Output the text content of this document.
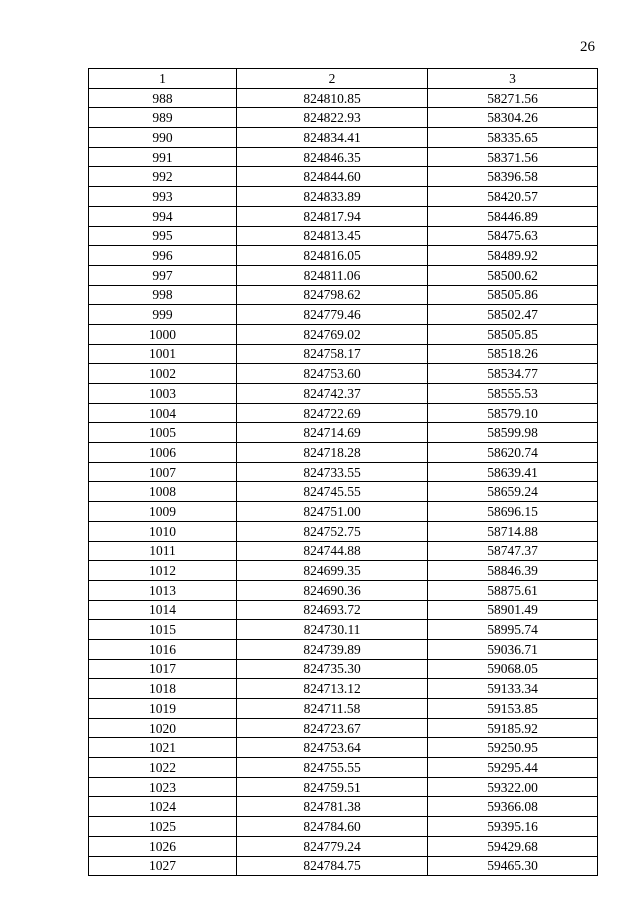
26
1	2	3
988	824810.85	58271.56
989	824822.93	58304.26
990	824834.41	58335.65
991	824846.35	58371.56
992	824844.60	58396.58
993	824833.89	58420.57
994	824817.94	58446.89
995	824813.45	58475.63
996	824816.05	58489.92
997	824811.06	58500.62
998	824798.62	58505.86
999	824779.46	58502.47
1000	824769.02	58505.85
1001	824758.17	58518.26
1002	824753.60	58534.77
1003	824742.37	58555.53
1004	824722.69	58579.10
1005	824714.69	58599.98
1006	824718.28	58620.74
1007	824733.55	58639.41
1008	824745.55	58659.24
1009	824751.00	58696.15
1010	824752.75	58714.88
1011	824744.88	58747.37
1012	824699.35	58846.39
1013	824690.36	58875.61
1014	824693.72	58901.49
1015	824730.11	58995.74
1016	824739.89	59036.71
1017	824735.30	59068.05
1018	824713.12	59133.34
1019	824711.58	59153.85
1020	824723.67	59185.92
1021	824753.64	59250.95
1022	824755.55	59295.44
1023	824759.51	59322.00
1024	824781.38	59366.08
1025	824784.60	59395.16
1026	824779.24	59429.68
1027	824784.75	59465.30
